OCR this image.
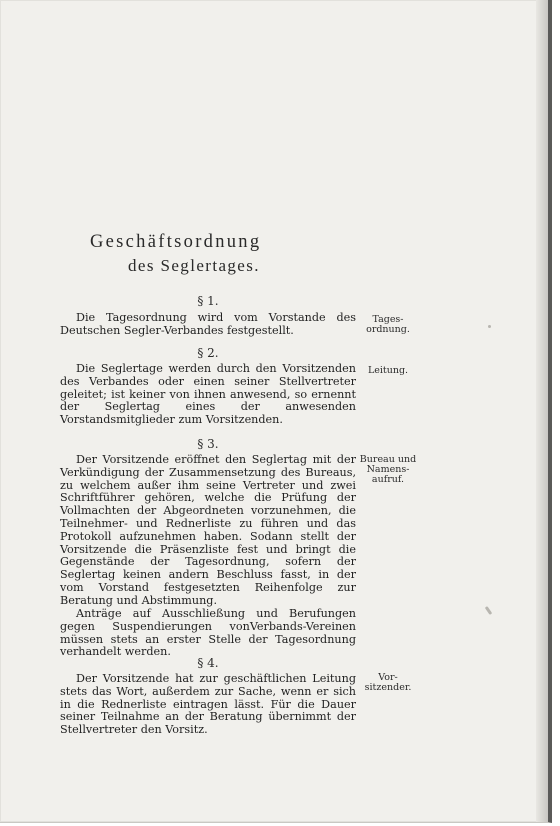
Geschäftsordnung
des Seglertages.
§ 1.
Die Tagesordnung wird vom Vorstande des Deutschen Segler-Verbandes festgestellt.
Tages-
ordnung.
§ 2.
Die Seglertage werden durch den Vorsitzenden des Verbandes oder einen seiner Stellvertreter geleitet; ist keiner von ihnen anwesend, so ernennt der Seglertag eines der anwesenden Vorstandsmitglieder zum Vorsitzenden.
Leitung.
§ 3.
Der Vorsitzende eröffnet den Seglertag mit der Verkündigung der Zusammensetzung des Bureaus, zu welchem außer ihm seine Vertreter und zwei Schriftführer gehören, welche die Prüfung der Vollmachten der Abgeordneten vorzunehmen, die Teilnehmer- und Rednerliste zu führen und das Protokoll aufzunehmen haben. Sodann stellt der Vorsitzende die Präsenzliste fest und bringt die Gegenstände der Tagesordnung, sofern der Seglertag keinen andern Beschluss fasst, in der vom Vorstand festgesetzten Reihenfolge zur Beratung und Abstimmung.
Anträge auf Ausschließung und Berufungen gegen Suspendierungen vonVerbands-Vereinen müssen stets an erster Stelle der Tagesordnung verhandelt werden.
Bureau und
Namens-
aufruf.
§ 4.
Der Vorsitzende hat zur geschäftlichen Leitung stets das Wort, außerdem zur Sache, wenn er sich in die Rednerliste eintragen lässt. Für die Dauer seiner Teilnahme an der Beratung übernimmt der Stellvertreter den Vorsitz.
Vor-
sitzender.
